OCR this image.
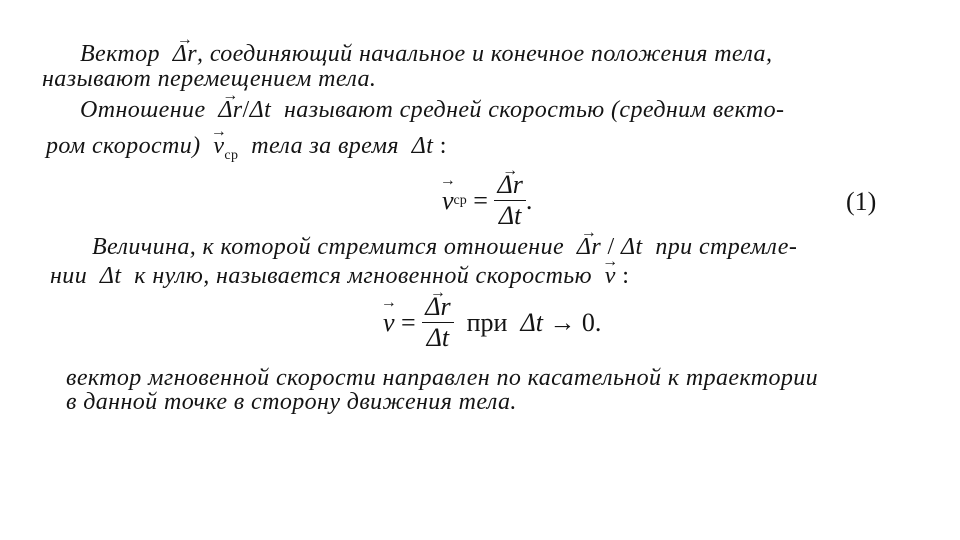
Вектор → Δr, соединяющий начальное и конечное положения тела,
называют перемещением тела.
Отношение → Δr/Δt называют средней скоростью (средним векто-
ром скорости) → $v_{ср}$ тела за время Δt :
→ v ср
=
→ $\frac{\Delta r}{\Delta t}$ .	(1)
Величина, к которой стремится отношение → Δr / Δt при стремле-
нии Δt к нулю, называется мгновенной скоростью → v :
→ v
=
→ $\frac{\Delta r}{\Delta t}$
при
Δt
→
0.
вектор мгновенной скорости направлен по касательной к траектории
в данной точке в сторону движения тела.
